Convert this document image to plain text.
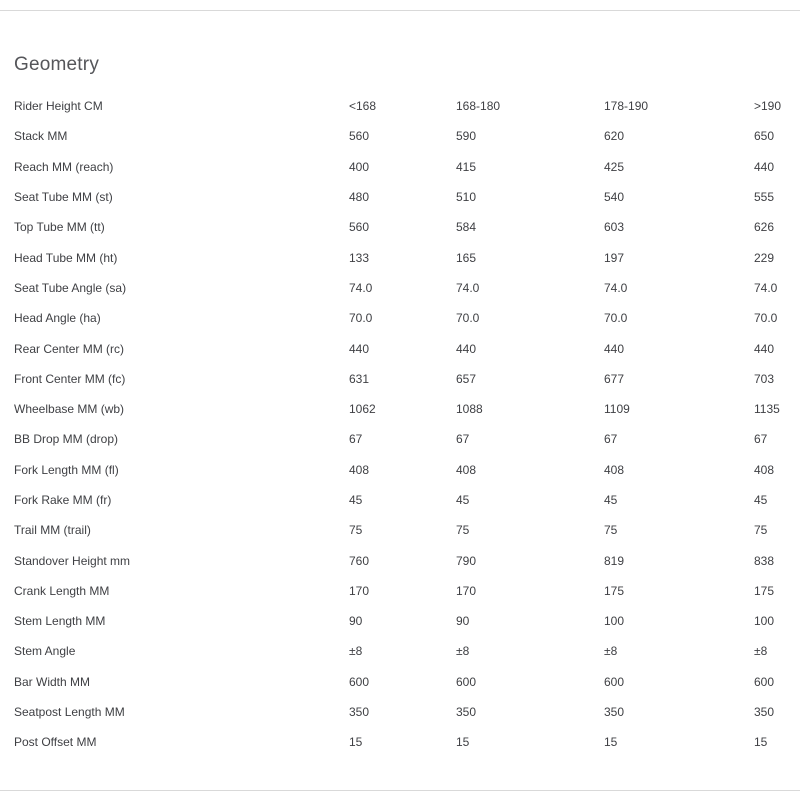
Geometry
Rider Height CM	<168	168-180	178-190	>190
Stack MM	560	590	620	650
Reach MM (reach)	400	415	425	440
Seat Tube MM (st)	480	510	540	555
Top Tube MM (tt)	560	584	603	626
Head Tube MM (ht)	133	165	197	229
Seat Tube Angle (sa)	74.0	74.0	74.0	74.0
Head Angle (ha)	70.0	70.0	70.0	70.0
Rear Center MM (rc)	440	440	440	440
Front Center MM (fc)	631	657	677	703
Wheelbase MM (wb)	1062	1088	1109	1135
BB Drop MM (drop)	67	67	67	67
Fork Length MM (fl)	408	408	408	408
Fork Rake MM (fr)	45	45	45	45
Trail MM (trail)	75	75	75	75
Standover Height mm	760	790	819	838
Crank Length MM	170	170	175	175
Stem Length MM	90	90	100	100
Stem Angle	±8	±8	±8	±8
Bar Width MM	600	600	600	600
Seatpost Length MM	350	350	350	350
Post Offset MM	15	15	15	15
